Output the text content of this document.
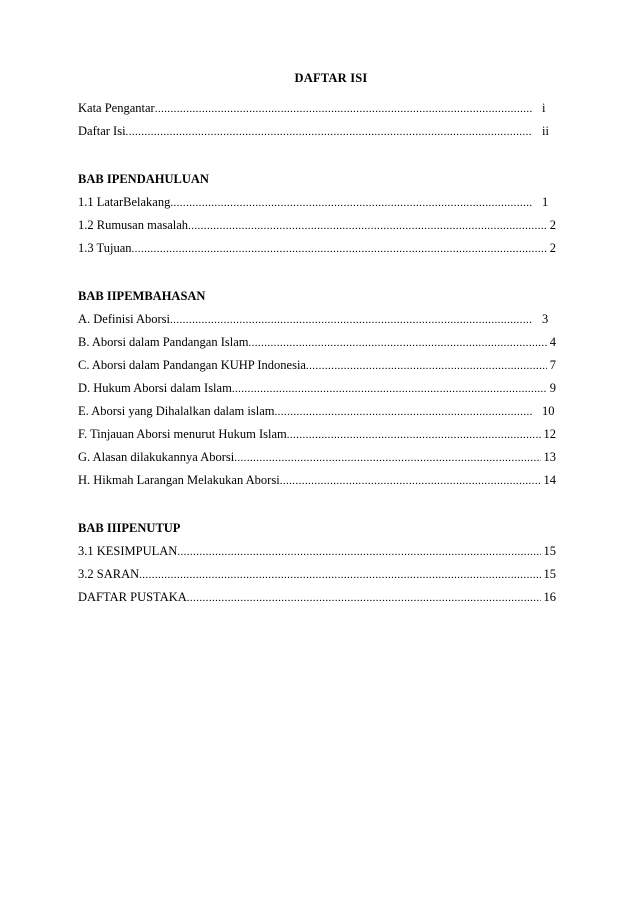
DAFTAR ISI
Kata Pengantar .....	i
Daftar Isi .....	ii
BAB IPENDAHULUAN
1.1 LatarBelakang .....	1
1.2 Rumusan masalah .....	2
1.3 Tujuan .....	2
BAB IIPEMBAHASAN
A. Definisi Aborsi .....	3
B. Aborsi dalam Pandangan Islam .....	4
C. Aborsi dalam Pandangan KUHP Indonesia .....	7
D. Hukum Aborsi dalam Islam .....	9
E. Aborsi yang Dihalalkan dalam islam .....	10
F. Tinjauan Aborsi menurut Hukum Islam .....	12
G. Alasan dilakukannya Aborsi .....	13
H. Hikmah Larangan Melakukan Aborsi .....	14
BAB IIIPENUTUP
3.1 KESIMPULAN .....	15
3.2 SARAN .....	15
DAFTAR PUSTAKA .....	16
